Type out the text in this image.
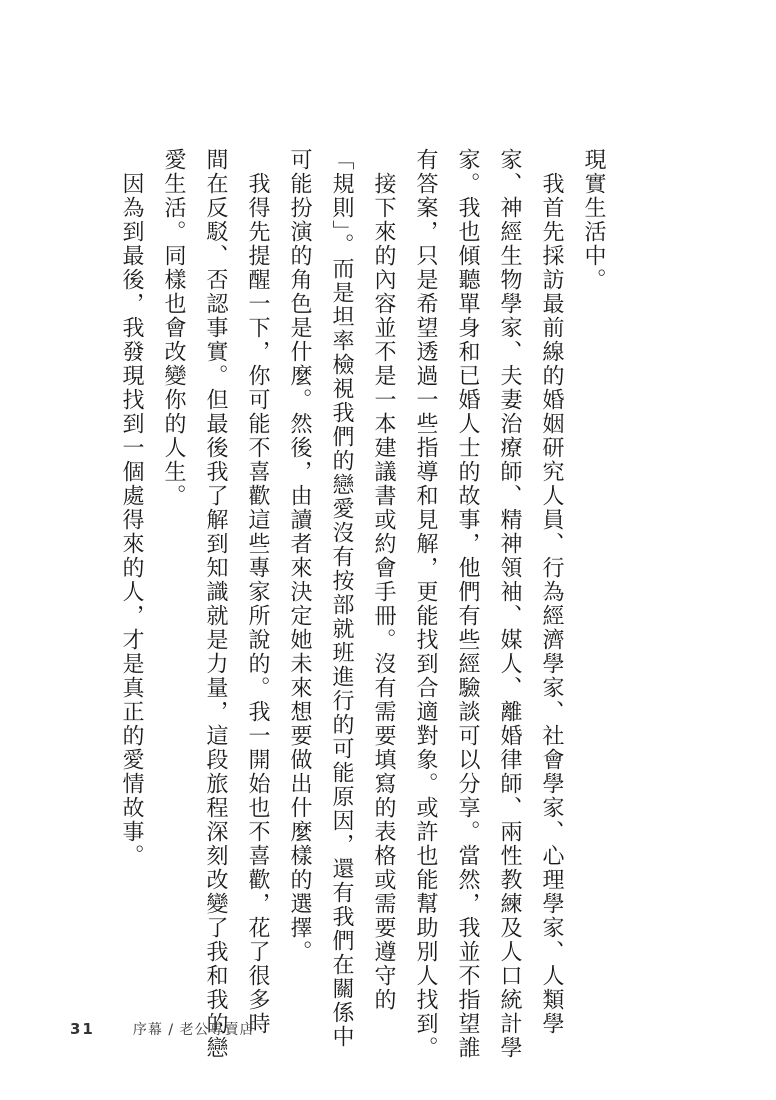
現實生活中。
　我首先採訪最前線的婚姻研究人員、行為經濟學家、社會學家、心理學家、人類學
家、神經生物學家、夫妻治療師、精神領袖、媒人、離婚律師、兩性教練及人口統計學
家。我也傾聽單身和已婚人士的故事，他們有些經驗談可以分享。當然，我並不指望誰
有答案，只是希望透過一些指導和見解，更能找到合適對象。或許也能幫助別人找到。
　接下來的內容並不是一本建議書或約會手冊。沒有需要填寫的表格或需要遵守的
「規則」。而是坦率檢視我們的戀愛沒有按部就班進行的可能原因，還有我們在關係中
可能扮演的角色是什麼。然後，由讀者來決定她未來想要做出什麼樣的選擇。
　我得先提醒一下，你可能不喜歡這些專家所說的。我一開始也不喜歡，花了很多時
間在反駁、否認事實。但最後我了解到知識就是力量，這段旅程深刻改變了我和我的戀
愛生活。同樣也會改變你的人生。
　因為到最後，我發現找到一個處得來的人，才是真正的愛情故事。
31	序幕 / 老公專賣店
